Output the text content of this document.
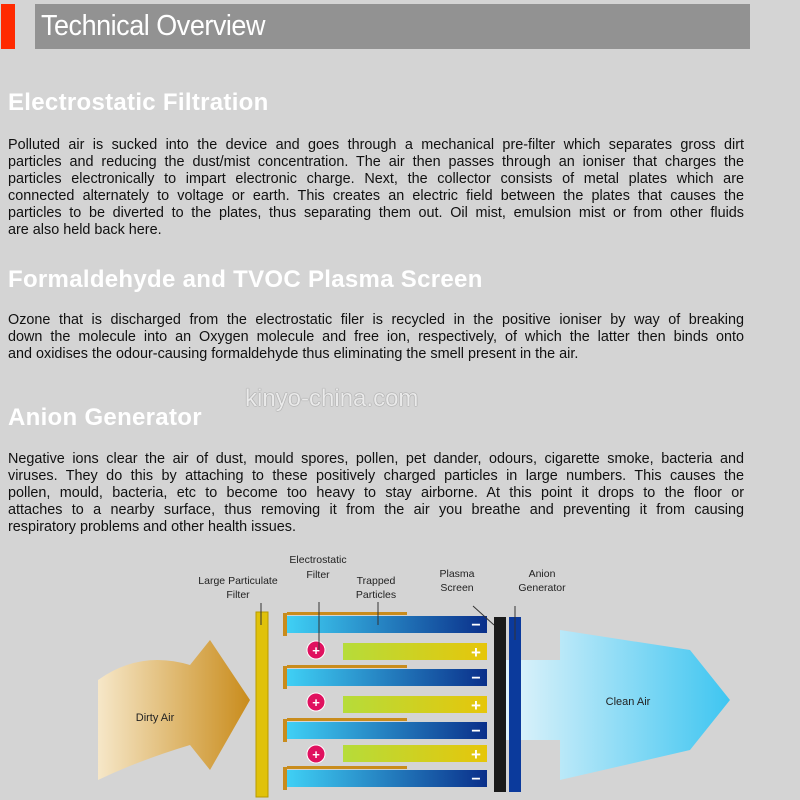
Technical Overview
Electrostatic Filtration
Polluted air is sucked into the device and goes through a mechanical pre-filter which separates gross dirt
particles and reducing the dust/mist concentration. The air then passes through an ioniser that charges the
particles electronically to impart electronic charge. Next, the collector consists of metal plates which are
connected alternately to voltage or earth. This creates an electric field between the plates that causes the
particles to be diverted to the plates, thus separating them out. Oil mist, emulsion mist or from other fluids
are also held back here.
Formaldehyde and TVOC Plasma Screen
Ozone that is discharged from the electrostatic filer is recycled in the positive ioniser by way of breaking
down the molecule into an Oxygen molecule and free ion, respectively, of which the latter then binds onto
and oxidises the odour-causing formaldehyde thus eliminating the smell present in the air.
kinyo-china.com
Anion Generator
Negative ions clear the air of dust, mould spores, pollen, pet dander, odours, cigarette smoke, bacteria and
viruses. They do this by attaching to these positively charged particles in large numbers. This causes the
pollen, mould, bacteria, etc to become too heavy to stay airborne. At this point it drops to the floor or
attaches to a nearby surface, thus removing it from the air you breathe and preventing it from causing
respiratory problems and other health issues.
Dirty Air
Clean Air
−
−
−
−
+
+
+
+
+
+
Large Particulate
Filter
Electrostatic
Filter	Trapped
Particles
Plasma
Screen
Anion
Generator
